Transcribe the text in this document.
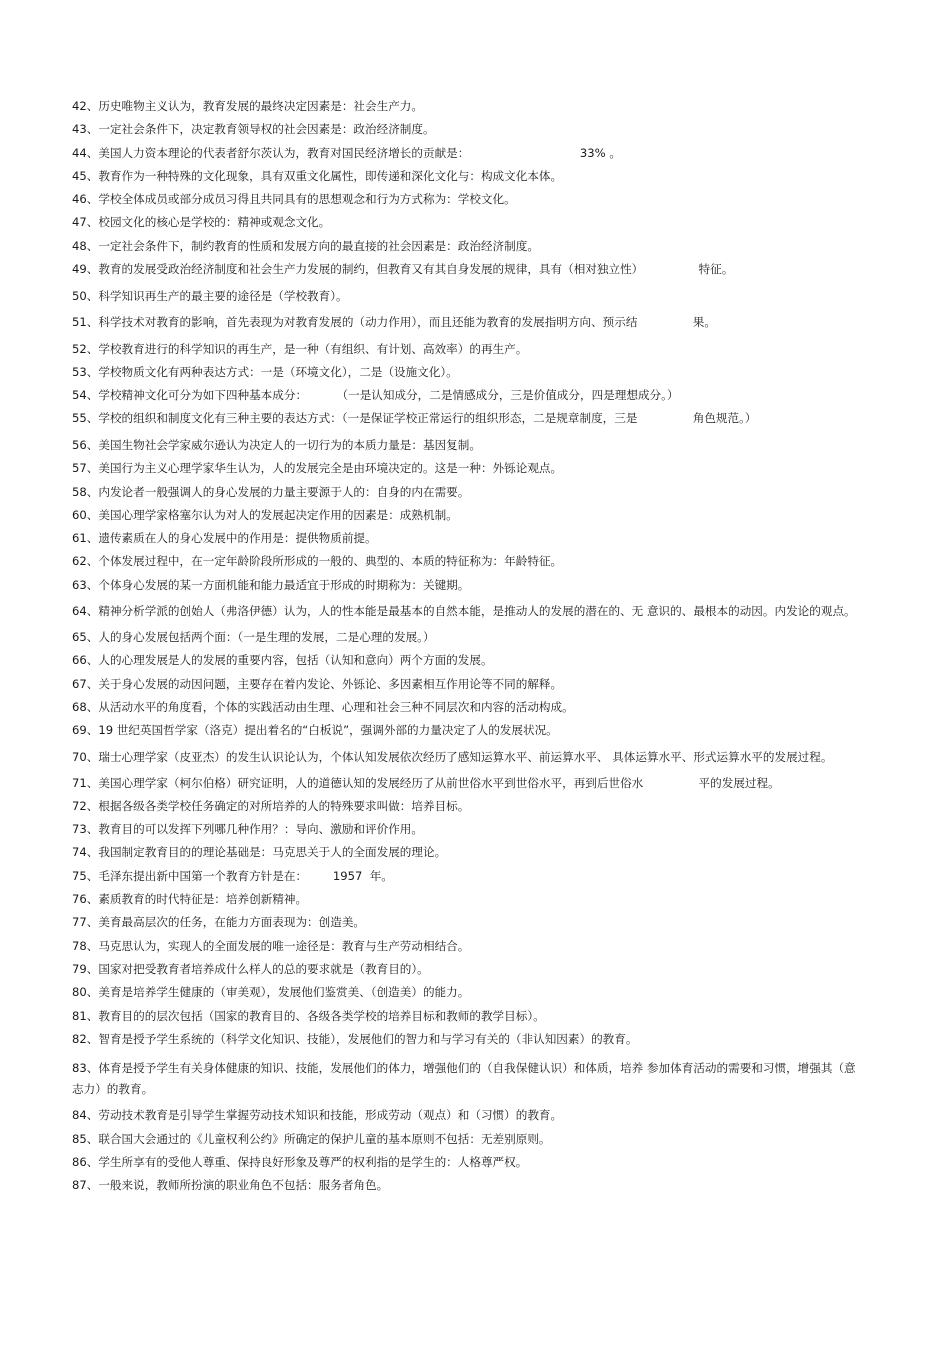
42、历史唯物主义认为，教育发展的最终决定因素是：社会生产力。
43、一定社会条件下，决定教育领导权的社会因素是：政治经济制度。
44、美国人力资本理论的代表者舒尔茨认为，教育对国民经济增长的贡献是：                              33% 。
45、教育作为一种特殊的文化现象，具有双重文化属性，即传递和深化文化与：构成文化本体。
46、学校全体成员或部分成员习得且共同具有的思想观念和行为方式称为：学校文化。
47、校园文化的核心是学校的：精神或观念文化。
48、一定社会条件下，制约教育的性质和发展方向的最直接的社会因素是：政治经济制度。
49、教育的发展受政治经济制度和社会生产力发展的制约，但教育又有其自身发展的规律，具有（相对独立性）               特征。
50、科学知识再生产的最主要的途径是（学校教育）。
51、科学技术对教育的影响，首先表现为对教育发展的（动力作用），而且还能为教育的发展指明方向、预示结               果。
52、学校教育进行的科学知识的再生产，是一种（有组织、有计划、高效率）的再生产。
53、学校物质文化有两种表达方式：一是（环境文化），二是（设施文化）。
54、学校精神文化可分为如下四种基本成分：        （一是认知成分，二是情感成分，三是价值成分，四是理想成分。）
55、学校的组织和制度文化有三种主要的表达方式：（一是保证学校正常运行的组织形态，二是规章制度，三是               角色规范。）
56、美国生物社会学家威尔逊认为决定人的一切行为的本质力量是：基因复制。
57、美国行为主义心理学家华生认为，人的发展完全是由环境决定的。这是一种：外铄论观点。
58、内发论者一般强调人的身心发展的力量主要源于人的：自身的内在需要。
60、美国心理学家格塞尔认为对人的发展起决定作用的因素是：成熟机制。
61、遗传素质在人的身心发展中的作用是：提供物质前提。
62、个体发展过程中，在一定年龄阶段所形成的一般的、典型的、本质的特征称为：年龄特征。
63、个体身心发展的某一方面机能和能力最适宜于形成的时期称为：关键期。
64、精神分析学派的创始人（弗洛伊德）认为，人的性本能是最基本的自然本能，是推动人的发展的潜在的、无 意识的、最根本的动因。内发论的观点。
65、人的身心发展包括两个面：（一是生理的发展，二是心理的发展。）
66、人的心理发展是人的发展的重要内容，包括（认知和意向）两个方面的发展。
67、关于身心发展的动因问题，主要存在着内发论、外铄论、多因素相互作用论等不同的解释。
68、从活动水平的角度看，个体的实践活动由生理、心理和社会三种不同层次和内容的活动构成。
69、19 世纪英国哲学家（洛克）提出着名的“白板说”，强调外部的力量决定了人的发展状况。
70、瑞士心理学家（皮亚杰）的发生认识论认为，个体认知发展依次经历了感知运算水平、前运算水平、 具体运算水平、形式运算水平的发展过程。
71、美国心理学家（柯尔伯格）研究证明，人的道德认知的发展经历了从前世俗水平到世俗水平，再到后世俗水               平的发展过程。
72、根据各级各类学校任务确定的对所培养的人的特殊要求叫做：培养目标。
73、教育目的可以发挥下列哪几种作用？：导向、激励和评价作用。
74、我国制定教育目的的理论基础是：马克思关于人的全面发展的理论。
75、毛泽东提出新中国第一个教育方针是在：       1957  年。
76、素质教育的时代特征是：培养创新精神。
77、美育最高层次的任务，在能力方面表现为：创造美。
78、马克思认为，实现人的全面发展的唯一途径是：教育与生产劳动相结合。
79、国家对把受教育者培养成什么样人的总的要求就是（教育目的）。
80、美育是培养学生健康的（审美观），发展他们鉴赏美、（创造美）的能力。
81、教育目的的层次包括（国家的教育目的、各级各类学校的培养目标和教师的教学目标）。
82、智育是授予学生系统的（科学文化知识、技能），发展他们的智力和与学习有关的（非认知因素）的教育。
83、体育是授予学生有关身体健康的知识、技能，发展他们的体力，增强他们的（自我保健认识）和体质，培养 参加体育活动的需要和习惯，增强其（意志力）的教育。
84、劳动技术教育是引导学生掌握劳动技术知识和技能，形成劳动（观点）和（习惯）的教育。
85、联合国大会通过的《儿童权利公约》所确定的保护儿童的基本原则不包括：无差别原则。
86、学生所享有的受他人尊重、保持良好形象及尊严的权利指的是学生的：人格尊严权。
87、一般来说，教师所扮演的职业角色不包括：服务者角色。
